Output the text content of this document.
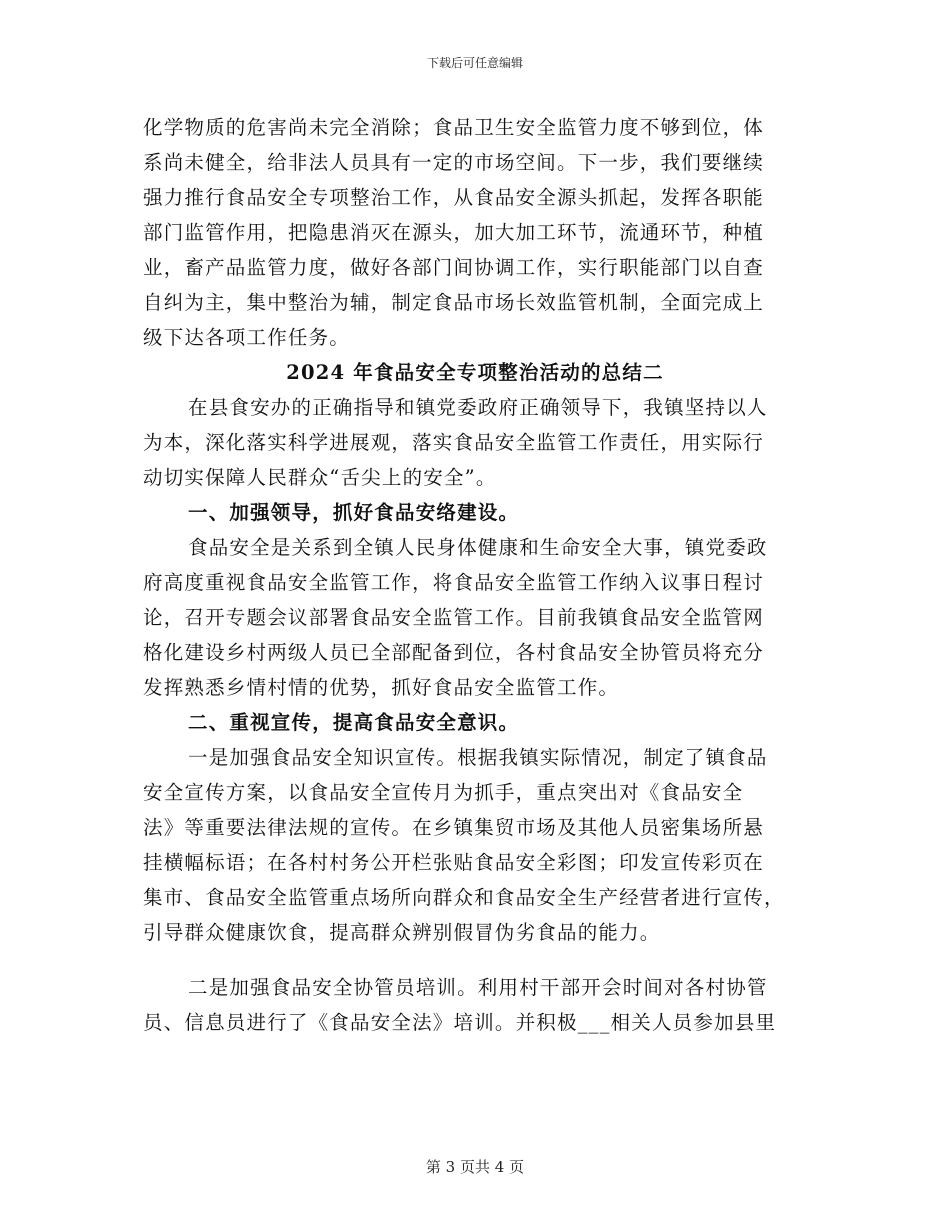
下载后可任意编辑
化学物质的危害尚未完全消除；食品卫生安全监管力度不够到位，体
系尚未健全，给非法人员具有一定的市场空间。下一步，我们要继续
强力推行食品安全专项整治工作，从食品安全源头抓起，发挥各职能
部门监管作用，把隐患消灭在源头，加大加工环节，流通环节，种植
业，畜产品监管力度，做好各部门间协调工作，实行职能部门以自查
自纠为主，集中整治为辅，制定食品市场长效监管机制，全面完成上
级下达各项工作任务。
2024 年食品安全专项整治活动的总结二
在县食安办的正确指导和镇党委政府正确领导下，我镇坚持以人
为本，深化落实科学进展观，落实食品安全监管工作责任，用实际行
动切实保障人民群众“舌尖上的安全”。
一、加强领导，抓好食品安络建设。
食品安全是关系到全镇人民身体健康和生命安全大事，镇党委政
府高度重视食品安全监管工作，将食品安全监管工作纳入议事日程讨
论，召开专题会议部署食品安全监管工作。目前我镇食品安全监管网
格化建设乡村两级人员已全部配备到位，各村食品安全协管员将充分
发挥熟悉乡情村情的优势，抓好食品安全监管工作。
二、重视宣传，提高食品安全意识。
一是加强食品安全知识宣传。根据我镇实际情况，制定了镇食品
安全宣传方案，以食品安全宣传月为抓手，重点突出对《食品安全
法》等重要法律法规的宣传。在乡镇集贸市场及其他人员密集场所悬
挂横幅标语；在各村村务公开栏张贴食品安全彩图；印发宣传彩页在
集市、食品安全监管重点场所向群众和食品安全生产经营者进行宣传，
引导群众健康饮食，提高群众辨别假冒伪劣食品的能力。
二是加强食品安全协管员培训。利用村干部开会时间对各村协管
员、信息员进行了《食品安全法》培训。并积极___相关人员参加县里
第 3 页共 4 页
